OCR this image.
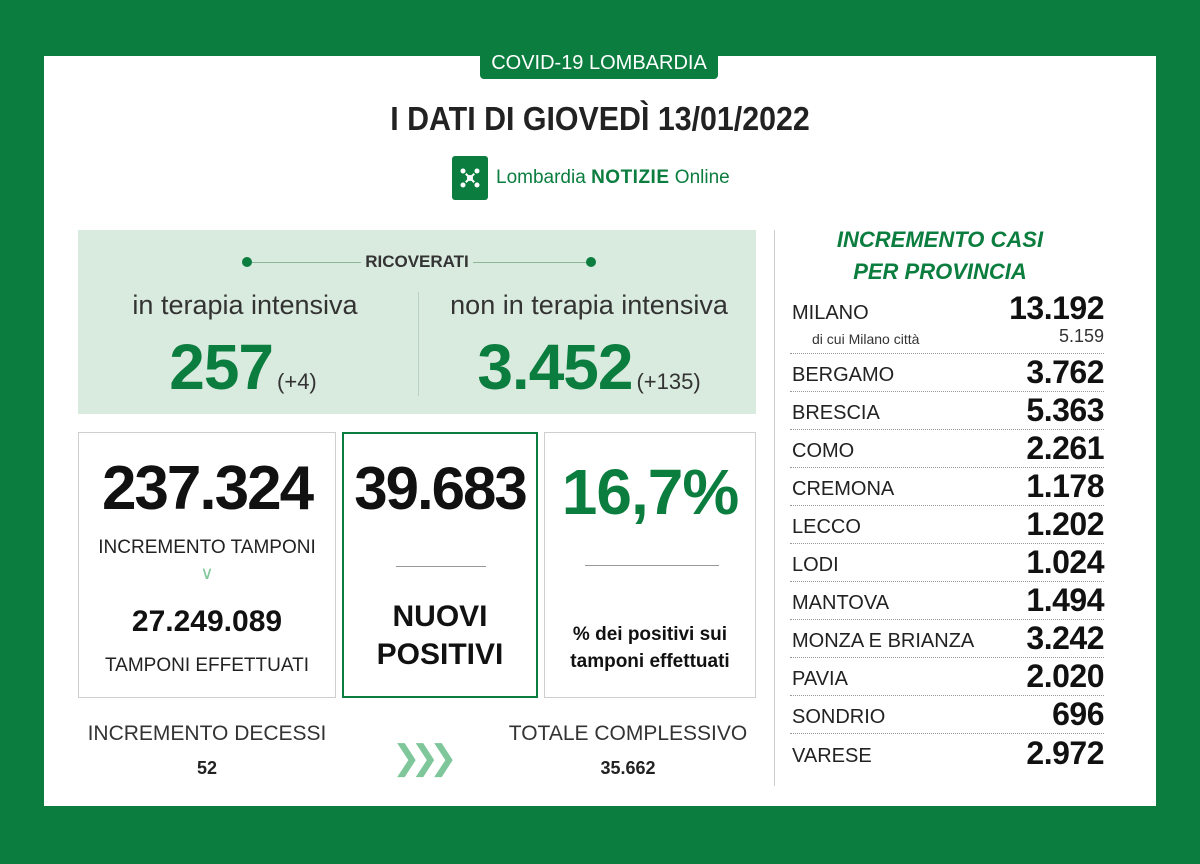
COVID-19 LOMBARDIA
I DATI DI GIOVEDÌ 13/01/2022
Lombardia NOTIZIE Online
RICOVERATI
in terapia intensiva
257 (+4)
non in terapia intensiva
3.452 (+135)
237.324
INCREMENTO TAMPONI
∨
27.249.089
TAMPONI EFFETTUATI
39.683
NUOVI
POSITIVI
16,7%
% dei positivi sui
tamponi effettuati
INCREMENTO DECESSI
52	❯❯❯
TOTALE COMPLESSIVO
35.662
INCREMENTO CASI
PER PROVINCIA
MILANO	13.192
di cui Milano città	5.159
BERGAMO	3.762
BRESCIA	5.363
COMO	2.261
CREMONA	1.178
LECCO	1.202
LODI	1.024
MANTOVA	1.494
MONZA E BRIANZA 3.242
PAVIA	2.020
SONDRIO	696
VARESE	2.972
